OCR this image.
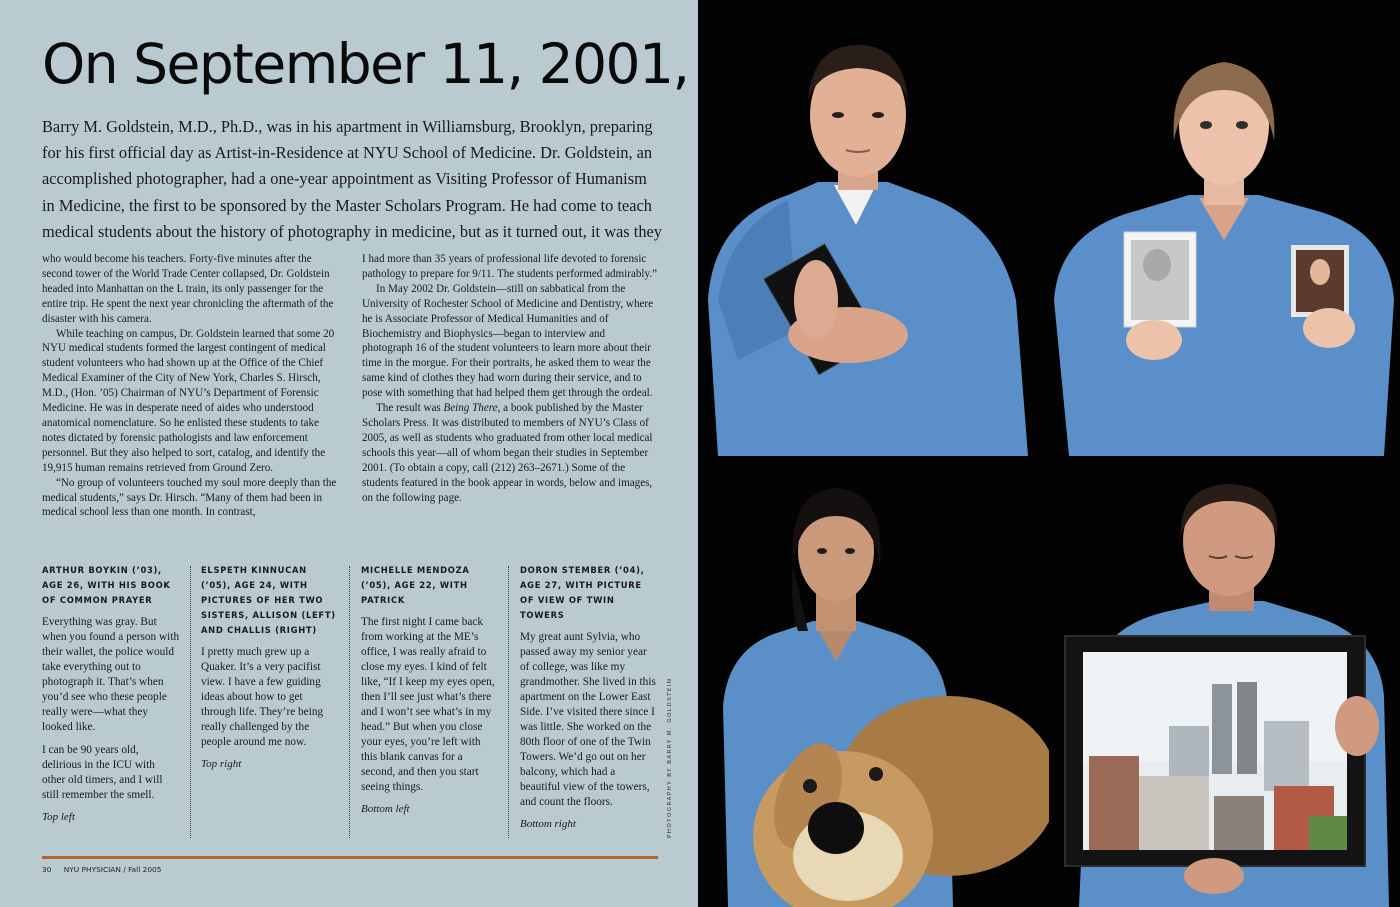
On September 11, 2001,
Barry M. Goldstein, M.D., Ph.D., was in his apartment in Williamsburg, Brooklyn, preparing
for his first official day as Artist-in-Residence at NYU School of Medicine. Dr. Goldstein, an
accomplished photographer, had a one-year appointment as Visiting Professor of Humanism
in Medicine, the first to be sponsored by the Master Scholars Program. He had come to teach
medical students about the history of photography in medicine, but as it turned out, it was they

who would become his teachers. Forty-five minutes after the second tower of the World Trade Center collapsed, Dr. Goldstein headed into Manhattan on the L train, its only passenger for the entire trip. He spent the next year chronicling the aftermath of the disaster with his camera.

While teaching on campus, Dr. Goldstein learned that some 20 NYU medical students formed the largest contingent of medical student volunteers who had shown up at the Office of the Chief Medical Examiner of the City of New York, Charles S. Hirsch, M.D., (Hon. ’05) Chairman of NYU’s Department of Forensic Medicine. He was in desperate need of aides who understood anatomical nomenclature. So he enlisted these students to take notes dictated by forensic pathologists and law enforcement personnel. But they also helped to sort, catalog, and identify the 19,915 human remains retrieved from Ground Zero.

“No group of volunteers touched my soul more deeply than the medical students,” says Dr. Hirsch. “Many of them had been in medical school less than one month. In contrast,

I had more than 35 years of professional life devoted to forensic pathology to prepare for 9/11. The students performed admirably.”

In May 2002 Dr. Goldstein—still on sabbatical from the University of Rochester School of Medicine and Dentistry, where he is Associate Professor of Medical Humanities and of Biochemistry and Biophysics—began to interview and photograph 16 of the student volunteers to learn more about their time in the morgue. For their portraits, he asked them to wear the same kind of clothes they had worn during their service, and to pose with something that had helped them get through the ordeal.

The result was Being There, a book published by the Master Scholars Press. It was distributed to members of NYU’s Class of 2005, as well as students who graduated from other local medical schools this year—all of whom began their studies in September 2001. (To obtain a copy, call (212) 263–2671.) Some of the students featured in the book appear in words, below and images, on the following page.

ARTHUR BOYKIN (’03), AGE 26, WITH HIS BOOK OF COMMON PRAYER

Everything was gray. But when you found a person with their wallet, the police would take everything out to photograph it. That’s when you’d see who these people really were—what they looked like.

I can be 90 years old, delirious in the ICU with other old timers, and I will still remember the smell.

Top left

ELSPETH KINNUCAN (’05), AGE 24, WITH PICTURES OF HER TWO SISTERS, ALLISON (LEFT) AND CHALLIS (RIGHT)

I pretty much grew up a Quaker. It’s a very pacifist view. I have a few guiding ideas about how to get through life. They’re being really challenged by the people around me now.

Top right

MICHELLE MENDOZA (’05), AGE 22, WITH PATRICK

The first night I came back from working at the ME’s office, I was really afraid to close my eyes. I kind of felt like, “If I keep my eyes open, then I’ll see just what’s there and I won’t see what’s in my head.” But when you close your eyes, you’re left with this blank canvas for a second, and then you start seeing things.

Bottom left

DORON STEMBER (’04), AGE 27, WITH PICTURE OF VIEW OF TWIN TOWERS

My great aunt Sylvia, who passed away my senior year of college, was like my grandmother. She lived in this apartment on the Lower East Side. I’ve visited there since I was little. She worked on the 80th floor of one of the Twin Towers. We’d go out on her balcony, which had a beautiful view of the towers, and count the floors.

Bottom right	PHOTOGRAPHY BY BARRY M. GOLDSTEIN
30 NYU PHYSICIAN / Fall 2005
